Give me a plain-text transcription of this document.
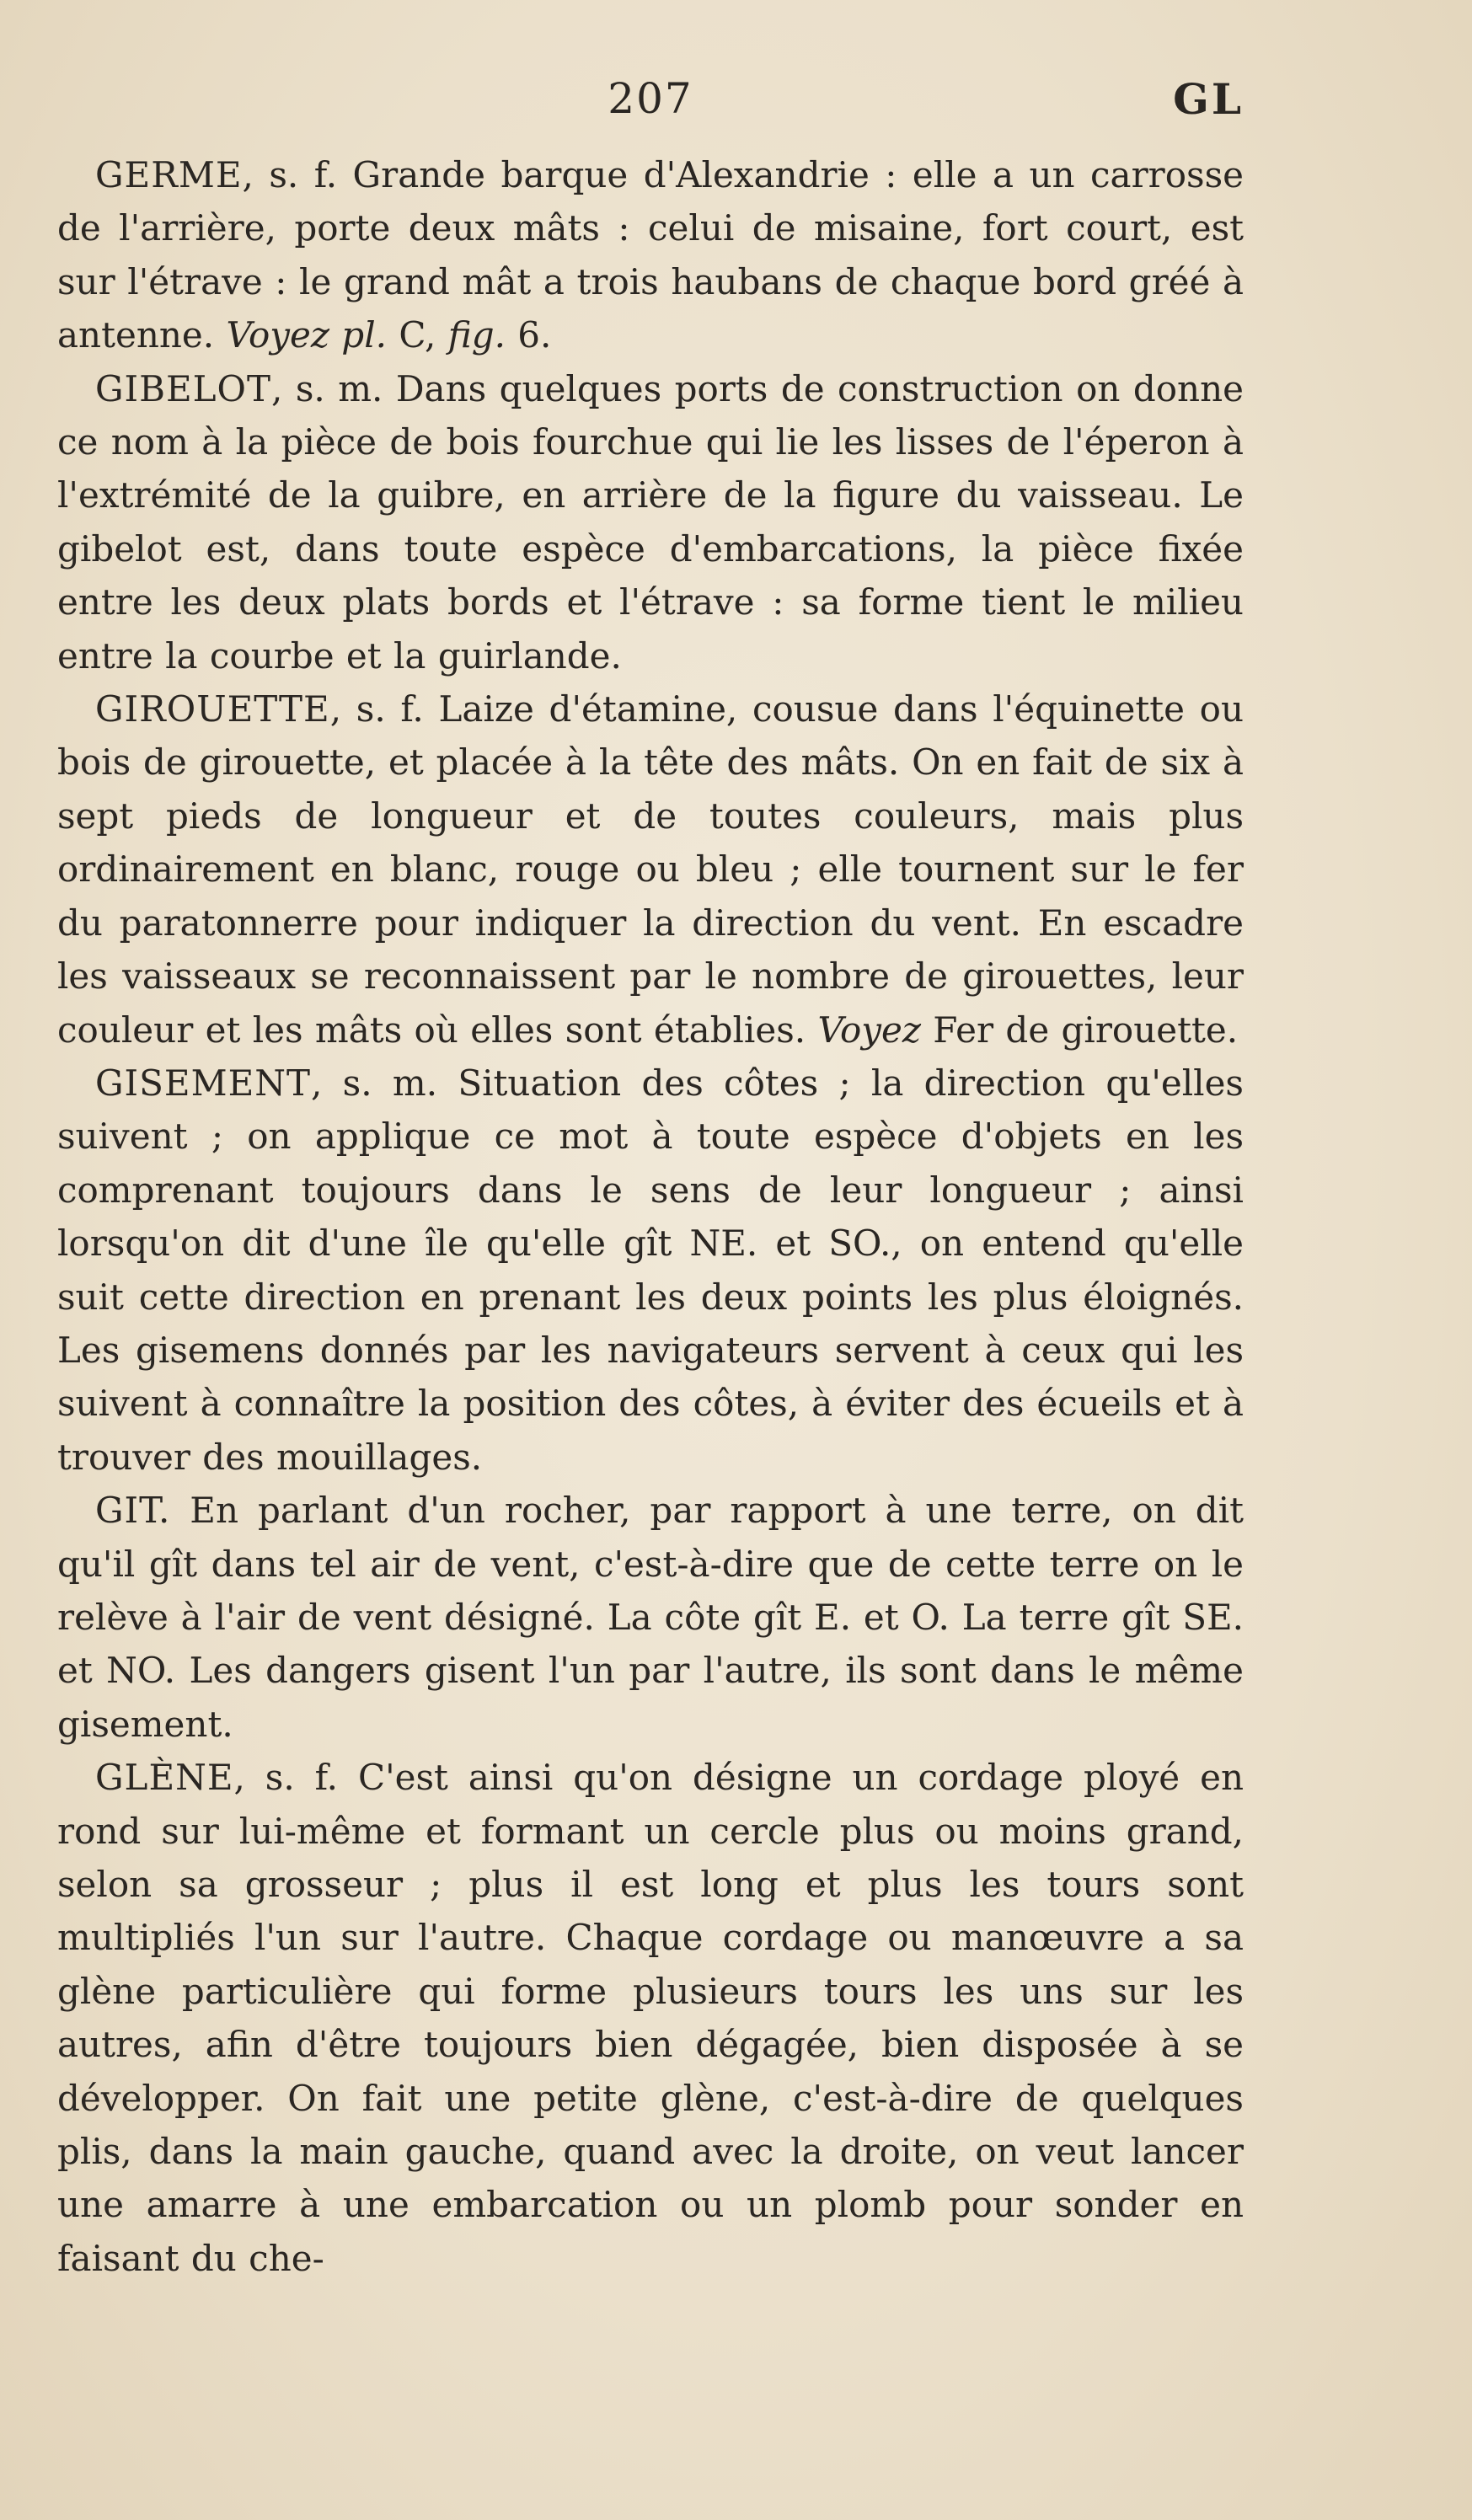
207	GL

GERME, s. f. Grande barque d'Alexandrie : elle a un carrosse de l'arrière, porte deux mâts : celui de misaine, fort court, est sur l'étrave : le grand mât a trois haubans de chaque bord gréé à antenne. Voyez pl. C, fig. 6.

GIBELOT, s. m. Dans quelques ports de construction on donne ce nom à la pièce de bois fourchue qui lie les lisses de l'éperon à l'extrémité de la guibre, en arrière de la figure du vaisseau. Le gibelot est, dans toute espèce d'embarcations, la pièce fixée entre les deux plats bords et l'étrave : sa forme tient le milieu entre la courbe et la guirlande.

GIROUETTE, s. f. Laize d'étamine, cousue dans l'équinette ou bois de girouette, et placée à la tête des mâts. On en fait de six à sept pieds de longueur et de toutes couleurs, mais plus ordinairement en blanc, rouge ou bleu ; elle tournent sur le fer du paratonnerre pour indiquer la direction du vent. En escadre les vaisseaux se reconnaissent par le nombre de girouettes, leur couleur et les mâts où elles sont établies. Voyez Fer de girouette.

GISEMENT, s. m. Situation des côtes ; la direction qu'elles suivent ; on applique ce mot à toute espèce d'objets en les comprenant toujours dans le sens de leur longueur ; ainsi lorsqu'on dit d'une île qu'elle gît NE. et SO., on entend qu'elle suit cette direction en prenant les deux points les plus éloignés. Les gisemens donnés par les navigateurs servent à ceux qui les suivent à connaître la position des côtes, à éviter des écueils et à trouver des mouillages.

GIT. En parlant d'un rocher, par rapport à une terre, on dit qu'il gît dans tel air de vent, c'est-à-dire que de cette terre on le relève à l'air de vent désigné. La côte gît E. et O. La terre gît SE. et NO. Les dangers gisent l'un par l'autre, ils sont dans le même gisement.

GLÈNE, s. f. C'est ainsi qu'on désigne un cordage ployé en rond sur lui-même et formant un cercle plus ou moins grand, selon sa grosseur ; plus il est long et plus les tours sont multipliés l'un sur l'autre. Chaque cordage ou manœuvre a sa glène particulière qui forme plusieurs tours les uns sur les autres, afin d'être toujours bien dégagée, bien disposée à se développer. On fait une petite glène, c'est-à-dire de quelques plis, dans la main gauche, quand avec la droite, on veut lancer une amarre à une embarcation ou un plomb pour sonder en faisant du che-
